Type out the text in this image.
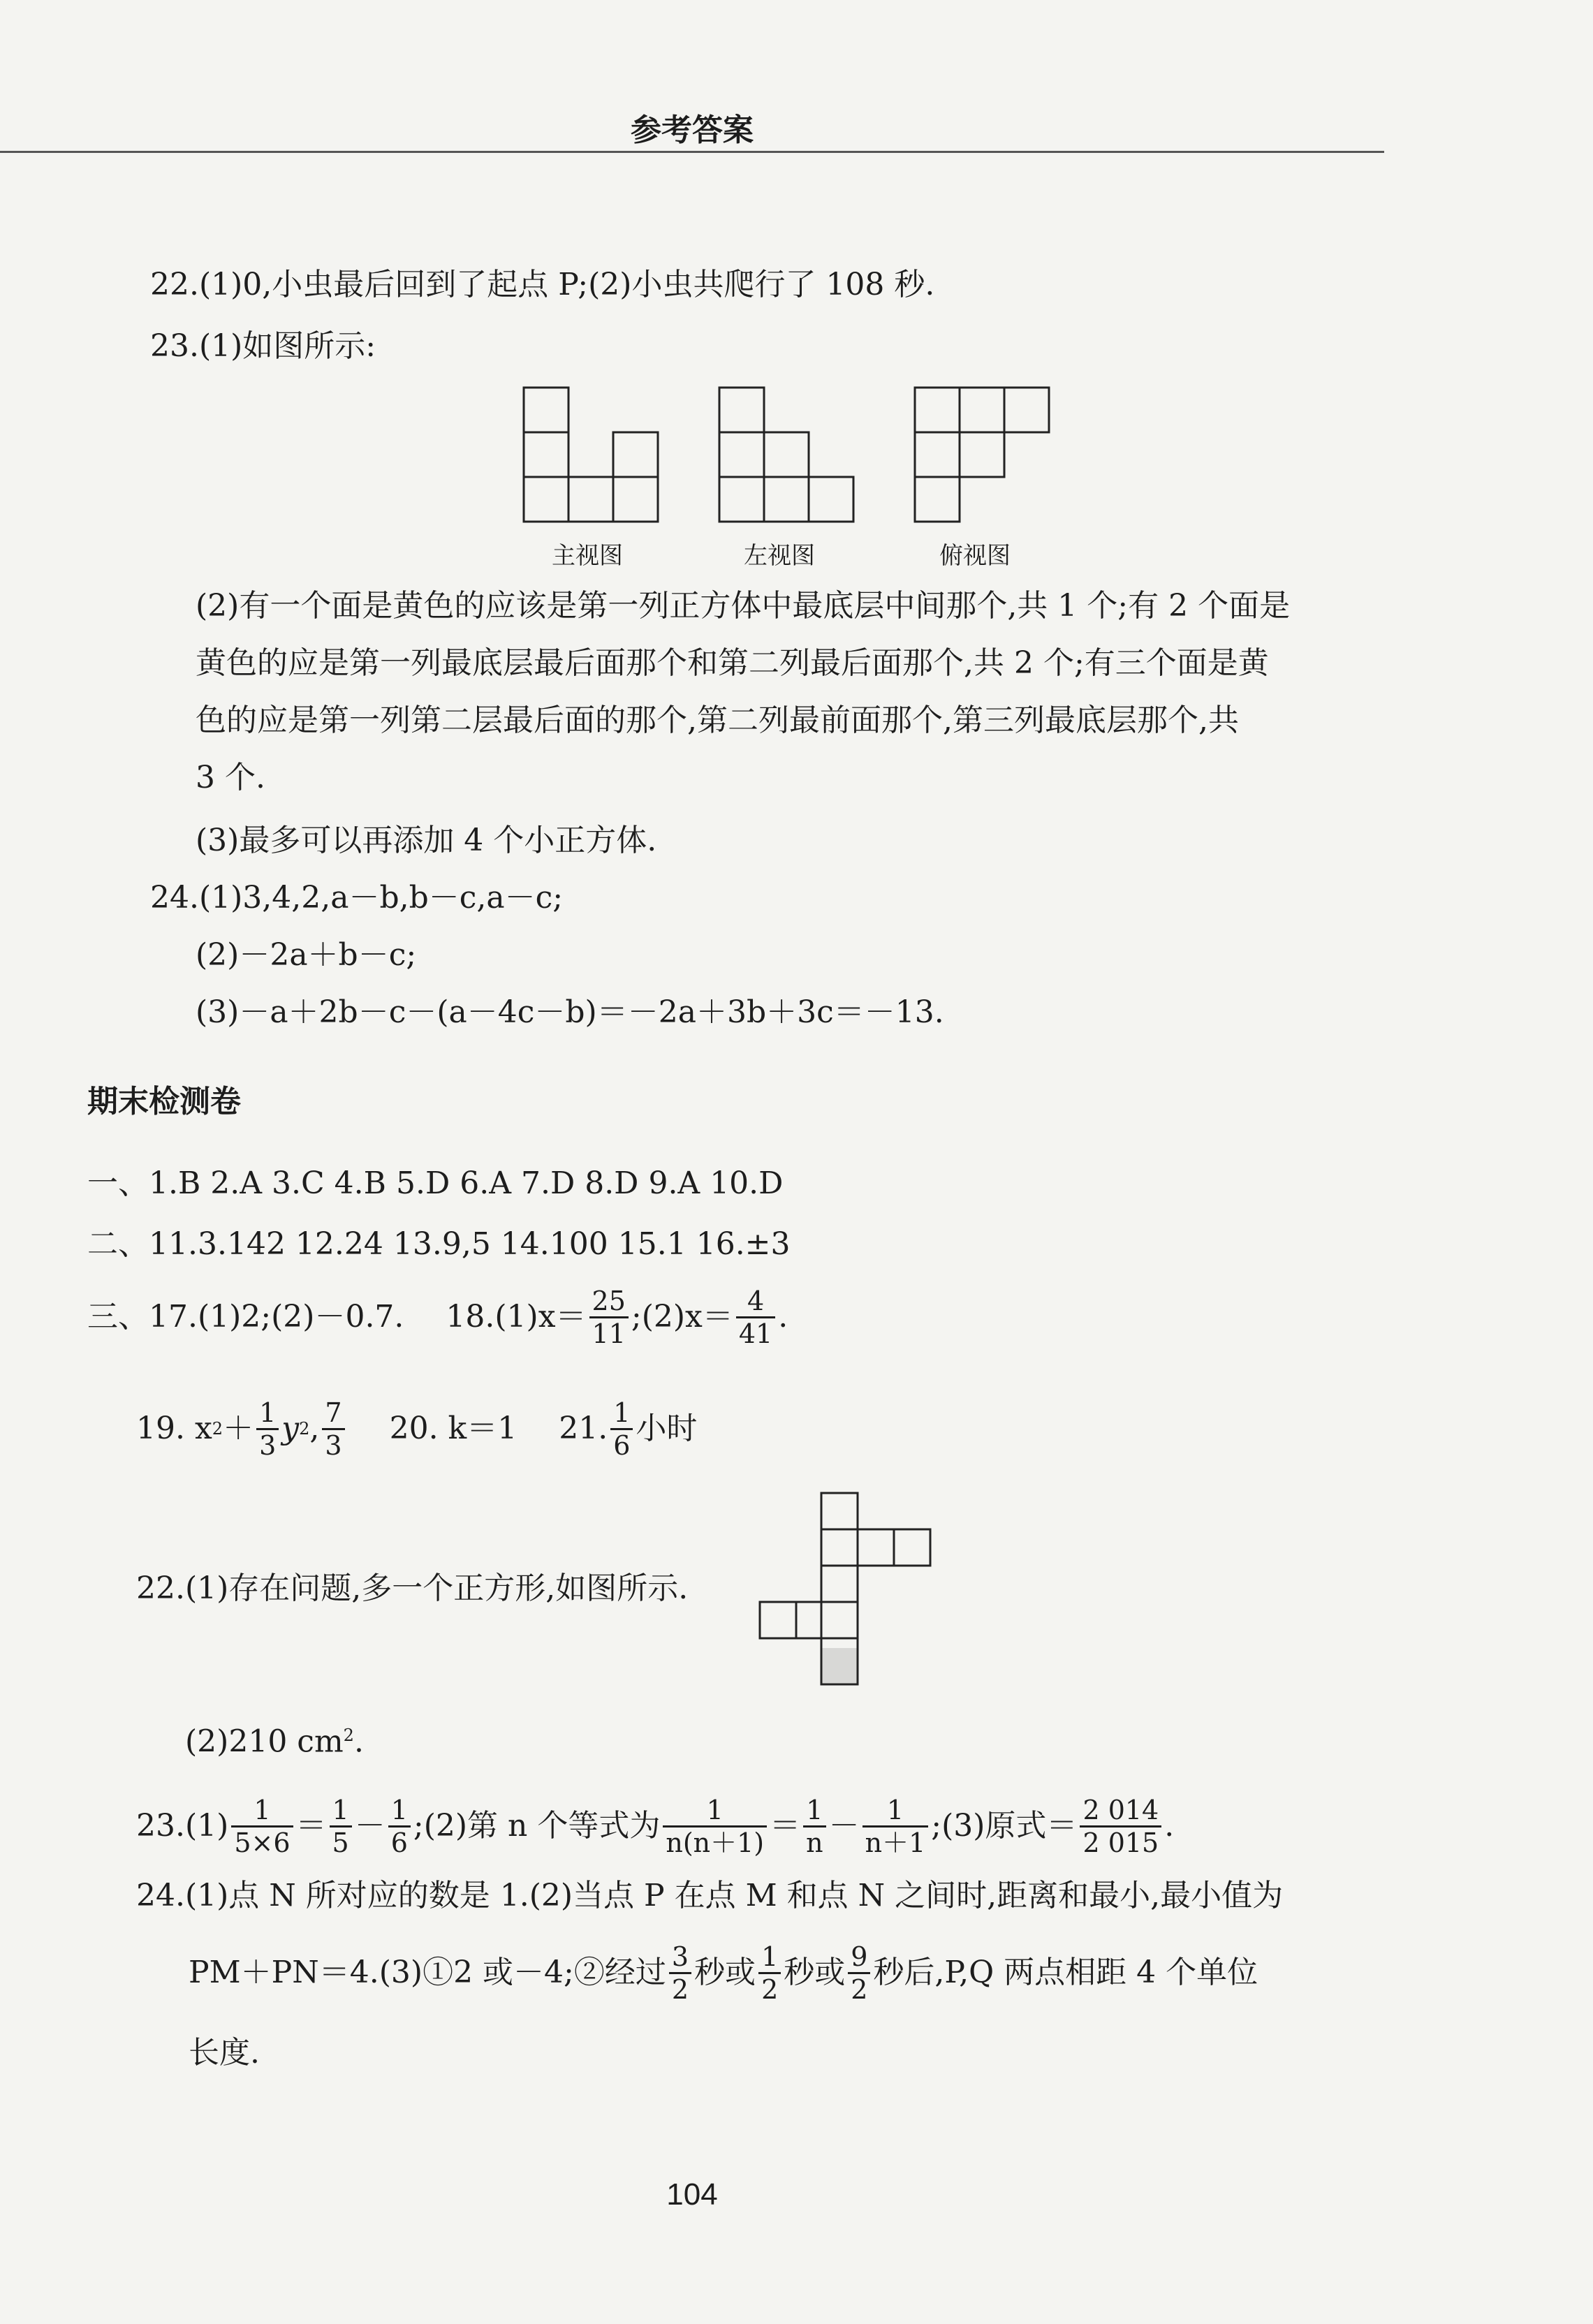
参考答案
22.(1)0,小虫最后回到了起点 P;(2)小虫共爬行了 108 秒.
23.(1)如图所示:
主视图	左视图	俯视图
(2)有一个面是黄色的应该是第一列正方体中最底层中间那个,共 1 个;有 2 个面是
黄色的应是第一列最底层最后面那个和第二列最后面那个,共 2 个;有三个面是黄
色的应是第一列第二层最后面的那个,第二列最前面那个,第三列最底层那个,共
3 个.
(3)最多可以再添加 4 个小正方体.
24.(1)3,4,2,a－b,b－c,a－c;
(2)－2a＋b－c;
(3)－a＋2b－c－(a－4c－b)＝－2a＋3b＋3c＝－13.
期末检测卷
一、1.B 2.A 3.C 4.B 5.D 6.A 7.D 8.D 9.A 10.D
二、11.3.142 12.24 13.9,5 14.100 15.1 16.±3
三、17.(1)2;(2)－0.7. $18.(1)x= \frac{25}{11}$ ;(2)x＝ $\frac{4}{41}$ .
19. x $2 + \frac{1}{3}$ y 2 , $\frac{7}{3} 20$. k＝1 21. $\frac{1}{6}$ 小时
22.(1)存在问题,多一个正方形,如图所示.
(2)210 $cm^2$.
$23.(1) \frac{1}{5\times 6} = \frac{1}{5} - \frac{1}{6}$ ;(2)第 n 个等式为 $\frac{1}{n(n+1)} = \frac{1}{n} - \frac{1}{n+1}$ ;(3)原式＝ $\frac{2 014}{2 015}$ .
24.(1)点 N 所对应的数是 1.(2)当点 P 在点 M 和点 N 之间时,距离和最小,最小值为
PM＋PN＝4.(3)①2 或－4;②经过 $\frac{3}{2}$ 秒或 $\frac{1}{2}$ 秒或 $\frac{9}{2}$ 秒后,P,Q 两点相距 4 个单位
长度.
104
